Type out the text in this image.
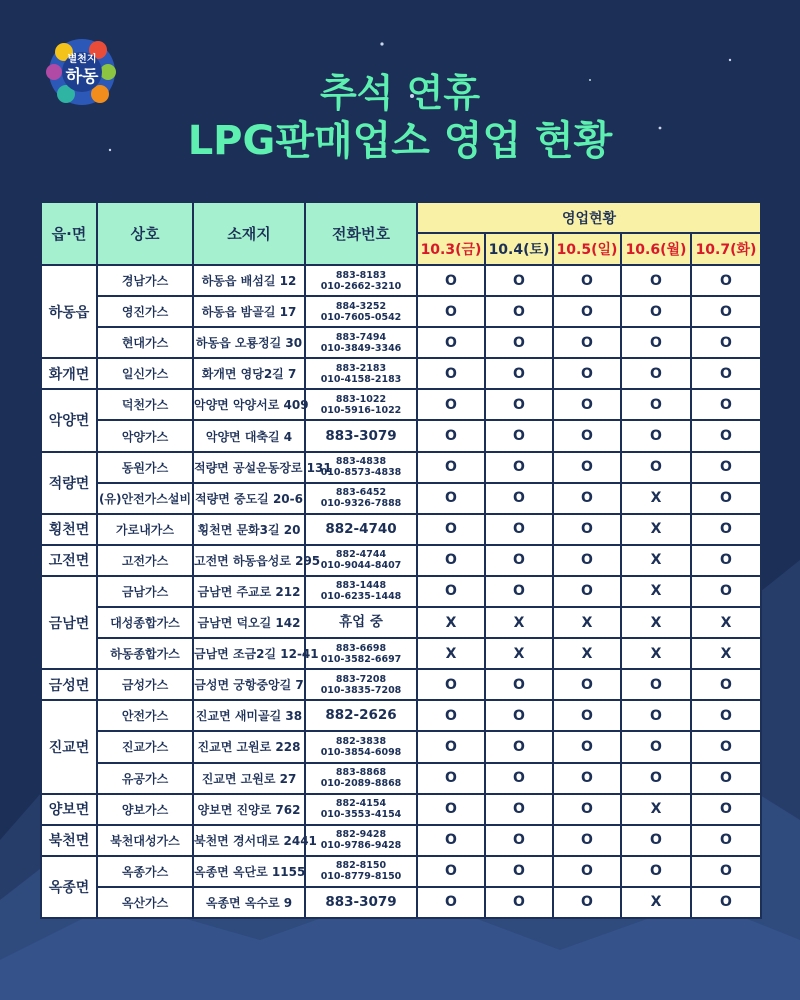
별천지
하동	추석 연휴
LPG판매업소 영업 현황
읍·면	상호	소재지	전화번호	영업현황				
				10.3(금)	10.4(토)	10.5(일)	10.6(월)	10.7(화)
하동읍	경남가스	하동읍 배섬길 12	883-8183
010-2662-3210	O	O	O	O	O
	영진가스	하동읍 밤골길 17	884-3252
010-7605-0542	O	O	O	O	O
	현대가스	하동읍 오룡정길 30	883-7494
010-3849-3346	O	O	O	O	O
화개면	일신가스	화개면 영당2길 7	883-2183
010-4158-2183	O	O	O	O	O
악양면	덕천가스	악양면 악양서로 409	883-1022
010-5916-1022	O	O	O	O	O
	악양가스	악양면 대축길 4	883-3079	O	O	O	O	O
적량면	동원가스	적량면 공설운동장로 131	883-4838
010-8573-4838	O	O	O	O	O
	(유)안전가스설비	적량면 중도길 20-6	883-6452
010-9326-7888	O	O	O	X	O
횡천면	가로내가스	횡천면 문화3길 20	882-4740	O	O	O	X	O
고전면	고전가스	고전면 하동읍성로 295	882-4744
010-9044-8407	O	O	O	X	O
금남면	금남가스	금남면 주교로 212	883-1448
010-6235-1448	O	O	O	X	O
	대성종합가스	금남면 덕오길 142	휴업 중	X	X	X	X	X
	하동종합가스	금남면 조금2길 12-41	883-6698
010-3582-6697	X	X	X	X	X
금성면	금성가스	금성면 궁항중앙길 7	883-7208
010-3835-7208	O	O	O	O	O
진교면	안전가스	진교면 새미골길 38	882-2626	O	O	O	O	O
	진교가스	진교면 고원로 228	882-3838
010-3854-6098	O	O	O	O	O
	유공가스	진교면 고원로 27	883-8868
010-2089-8868	O	O	O	O	O
양보면	양보가스	양보면 진양로 762	882-4154
010-3553-4154	O	O	O	X	O
북천면	북천대성가스	북천면 경서대로 2441	882-9428
010-9786-9428	O	O	O	O	O
옥종면	옥종가스	옥종면 옥단로 1155	882-8150
010-8779-8150	O	O	O	O	O
	옥산가스	옥종면 옥수로 9	883-3079	O	O	O	X	O
